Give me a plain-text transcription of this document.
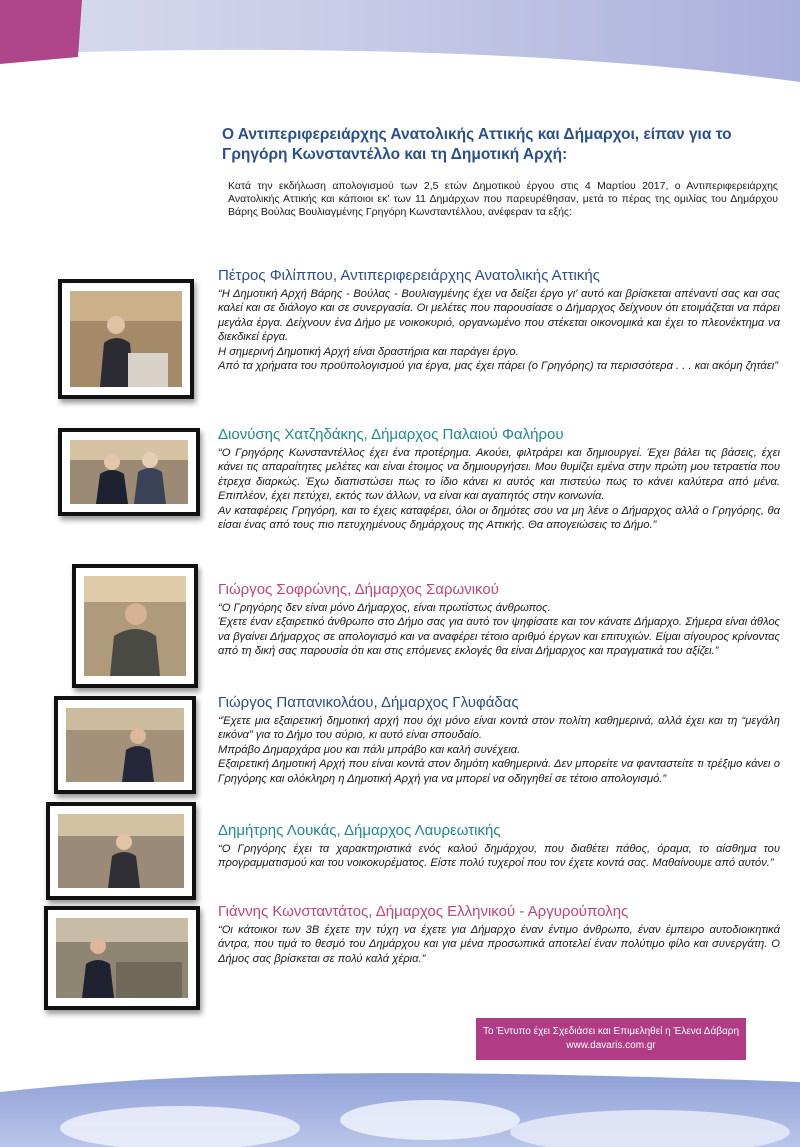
Ο Αντιπεριφερειάρχης Ανατολικής Αττικής και Δήμαρχοι, είπαν για το Γρηγόρη Κωνσταντέλλο και τη Δημοτική Αρχή:

Κατά την εκδήλωση απολογισμού των 2,5 ετών Δημοτικού έργου στις 4 Μαρτίου 2017, ο Αντιπεριφερειάρχης Ανατολικής Αττικής και κάποιοι εκ' των 11 Δημάρχων που παρευρέθησαν, μετά το πέρας της ομιλίας του Δημάρχου Βάρης Βούλας Βουλιαγμένης Γρηγόρη Κωνσταντέλλου, ανέφεραν τα εξής:

Πέτρος Φιλίππου, Αντιπεριφερειάρχης Ανατολικής Αττικής

“Η Δημοτική Αρχή Βάρης - Βούλας - Βουλιαγμένης έχει να δείξει έργο γι' αυτό και βρίσκεται απέναντί σας και σας καλεί και σε διάλογο και σε συνεργασία. Οι μελέτες που παρουσίασε ο Δήμαρχος δείχνουν ότι ετοιμάζεται να πάρει μεγάλα έργα. Δείχνουν ένα Δήμο με νοικοκυριό, οργανωμένο που στέκεται οικονομικά και έχει το πλεονέκτημα να διεκδικεί έργα.
Η σημερινή Δημοτική Αρχή είναι δραστήρια και παράγει έργο.
Από τα χρήματα του προϋπολογισμού για έργα, μας έχει πάρει (ο Γρηγόρης) τα περισσότερα . . . και ακόμη ζητάει”

Διονύσης Χατζηδάκης, Δήμαρχος Παλαιού Φαλήρου

“Ο Γρηγόρης Κωνσταντέλλος έχει ένα προτέρημα. Ακούει, φιλτράρει και δημιουργεί. Έχει βάλει τις βάσεις, έχει κάνει τις απαραίτητες μελέτες και είναι έτοιμος να δημιουργήσει. Μου θυμίζει εμένα στην πρώτη μου τετραετία που έτρεχα διαρκώς. Έχω διαπιστώσει πως το ίδιο κάνει κι αυτός και πιστεύω πως το κάνει καλύτερα από μένα. Επιπλέον, έχει πετύχει, εκτός των άλλων, να είναι και αγαπητός στην κοινωνία.
Αν καταφέρεις Γρηγόρη, και το έχεις καταφέρει, όλοι οι δημότες σου να μη λένε ο Δήμαρχος αλλά ο Γρηγόρης, θα είσαι ένας από τους πιο πετυχημένους δημάρχους της Αττικής. Θα απογειώσεις το Δήμο.”

Γιώργος Σοφρώνης, Δήμαρχος Σαρωνικού

“Ο Γρηγόρης δεν είναι μόνο Δήμαρχος, είναι πρωτίστως άνθρωπος.
Έχετε έναν εξαιρετικό άνθρωπο στο Δήμο σας για αυτό τον ψηφίσατε και τον κάνατε Δήμαρχο. Σήμερα είναι άθλος να βγαίνει Δήμαρχος σε απολογισμό και να αναφέρει τέτοιο αριθμό έργων και επιτυχιών. Είμαι σίγουρος κρίνοντας από τη δική σας παρουσία ότι και στις επόμενες εκλογές θα είναι Δήμαρχος και πραγματικά του αξίζει.”

Γιώργος Παπανικολάου, Δήμαρχος Γλυφάδας

“Έχετε μια εξαιρετική δημοτική αρχή που όχι μόνο είναι κοντά στον πολίτη καθημερινά, αλλά έχει και τη “μεγάλη εικόνα” για το Δήμο του αύριο, κι αυτό είναι σπουδαίο.
Μπράβο Δημαρχάρα μου και πάλι μπράβο και καλή συνέχεια.
Εξαιρετική Δημοτική Αρχή που είναι κοντά στον δημότη καθημερινά. Δεν μπορείτε να φανταστείτε τι τρέξιμο κάνει ο Γρηγόρης και ολόκληρη η Δημοτική Αρχή για να μπορεί να οδηγηθεί σε τέτοιο απολογισμό.”

Δημήτρης Λουκάς, Δήμαρχος Λαυρεωτικής

“Ο Γρηγόρης έχει τα χαρακτηριστικά ενός καλού δημάρχου, που διαθέτει πάθος, όραμα, το αίσθημα του προγραμματισμού και του νοικοκυρέματος. Είστε πολύ τυχεροί που τον έχετε κοντά σας. Μαθαίνουμε από αυτόν.”

Γιάννης Κωνσταντάτος, Δήμαρχος Ελληνικού - Αργυρούπολης

“Οι κάτοικοι των 3Β έχετε την τύχη να έχετε για Δήμαρχο έναν έντιμο άνθρωπο, έναν έμπειρο αυτοδιοικητικά άντρα, που τιμά το θεσμό του Δημάρχου και για μένα προσωπικά αποτελεί έναν πολύτιμο φίλο και συνεργάτη. Ο Δήμος σας βρίσκεται σε πολύ καλά χέρια.”

Το Έντυπο έχει Σχεδιάσει και Επιμεληθεί η Έλενα Δάβαρη
www.davaris.com.gr
